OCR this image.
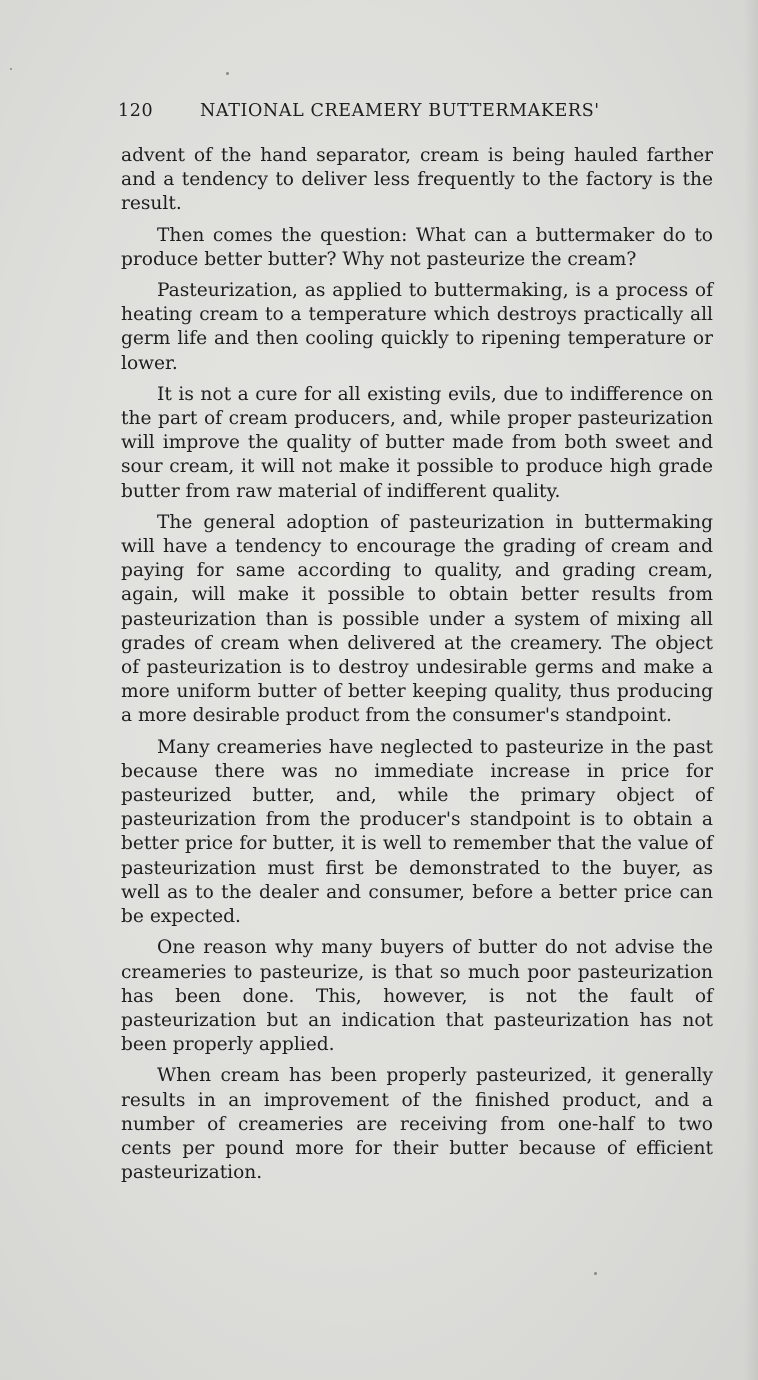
120	NATIONAL CREAMERY BUTTERMAKERS'

advent of the hand separator, cream is being hauled farther and a tendency to deliver less frequently to the factory is the result.

Then comes the question: What can a buttermaker do to produce better butter? Why not pasteurize the cream?

Pasteurization, as applied to buttermaking, is a process of heating cream to a temperature which destroys practically all germ life and then cooling quickly to ripening temperature or lower.

It is not a cure for all existing evils, due to indifference on the part of cream producers, and, while proper pasteurization will improve the quality of butter made from both sweet and sour cream, it will not make it possible to produce high grade butter from raw material of indifferent quality.

The general adoption of pasteurization in buttermaking will have a tendency to encourage the grading of cream and paying for same according to quality, and grading cream, again, will make it possible to obtain better results from pasteurization than is possible under a system of mixing all grades of cream when delivered at the creamery. The object of pasteurization is to destroy undesirable germs and make a more uniform butter of better keeping quality, thus producing a more desirable product from the consumer's standpoint.

Many creameries have neglected to pasteurize in the past because there was no immediate increase in price for pasteurized butter, and, while the primary object of pasteurization from the producer's standpoint is to obtain a better price for butter, it is well to remember that the value of pasteurization must first be demonstrated to the buyer, as well as to the dealer and consumer, before a better price can be expected.

One reason why many buyers of butter do not advise the creameries to pasteurize, is that so much poor pasteurization has been done. This, however, is not the fault of pasteurization but an indication that pasteurization has not been properly applied.

When cream has been properly pasteurized, it generally results in an improvement of the finished product, and a number of creameries are receiving from one-half to two cents per pound more for their butter because of efficient pasteurization.
